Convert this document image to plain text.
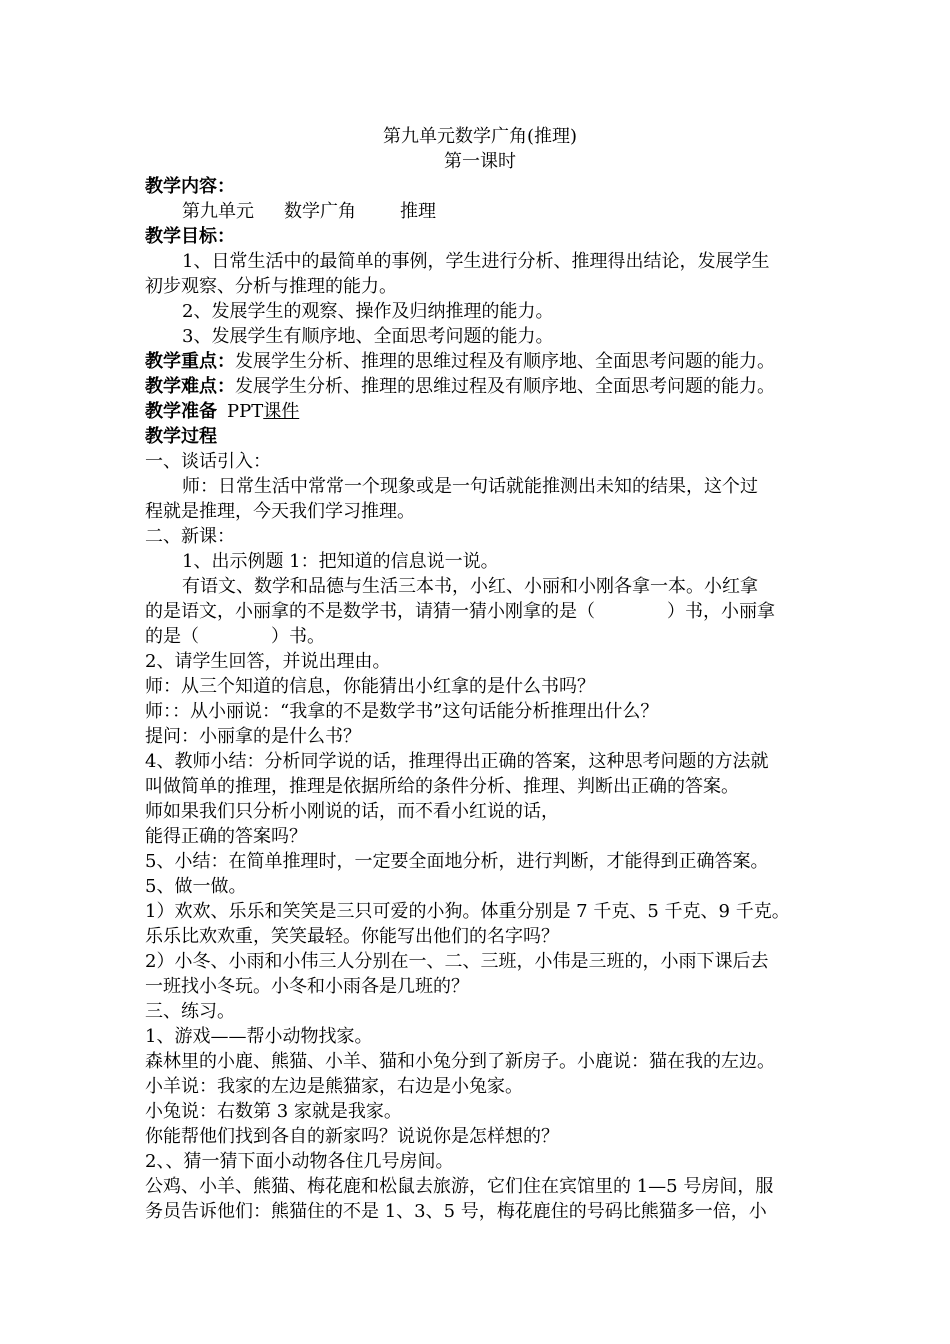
第九单元数学广角(推理)
第一课时
教学内容：
第九单元 数学广角 推理
教学目标：
1、日常生活中的最简单的事例，学生进行分析、推理得出结论，发展学生
初步观察、分析与推理的能力。
2、发展学生的观察、操作及归纳推理的能力。
3、发展学生有顺序地、全面思考问题的能力。
教学重点：发展学生分析、推理的思维过程及有顺序地、全面思考问题的能力。
教学难点：发展学生分析、推理的思维过程及有顺序地、全面思考问题的能力。
教学准备 PPT课件
教学过程
一、谈话引入：
师：日常生活中常常一个现象或是一句话就能推测出未知的结果，这个过
程就是推理，今天我们学习推理。
二、新课：
1、出示例题 1：把知道的信息说一说。
有语文、数学和品德与生活三本书，小红、小丽和小刚各拿一本。小红拿
的是语文，小丽拿的不是数学书，请猜一猜小刚拿的是（　　　　）书，小丽拿
的是（　　　　）书。
2、请学生回答，并说出理由。
师：从三个知道的信息，你能猜出小红拿的是什么书吗？
师：：从小丽说：“我拿的不是数学书”这句话能分析推理出什么？
提问：小丽拿的是什么书？
4、教师小结：分析同学说的话，推理得出正确的答案，这种思考问题的方法就
叫做简单的推理，推理是依据所给的条件分析、推理、判断出正确的答案。
师如果我们只分析小刚说的话，而不看小红说的话，
能得正确的答案吗？
5、小结：在简单推理时，一定要全面地分析，进行判断，才能得到正确答案。
5、做一做。
1）欢欢、乐乐和笑笑是三只可爱的小狗。体重分别是 7 千克、5 千克、9 千克。
乐乐比欢欢重，笑笑最轻。你能写出他们的名字吗？
2）小冬、小雨和小伟三人分别在一、二、三班，小伟是三班的，小雨下课后去
一班找小冬玩。小冬和小雨各是几班的？
三、练习。
1、游戏——帮小动物找家。
森林里的小鹿、熊猫、小羊、猫和小兔分到了新房子。小鹿说：猫在我的左边。
小羊说：我家的左边是熊猫家，右边是小兔家。
小兔说：右数第 3 家就是我家。
你能帮他们找到各自的新家吗？说说你是怎样想的？
2、、猜一猜下面小动物各住几号房间。
公鸡、小羊、熊猫、梅花鹿和松鼠去旅游，它们住在宾馆里的 1—5 号房间，服
务员告诉他们：熊猫住的不是 1、3、5 号，梅花鹿住的号码比熊猫多一倍，小
